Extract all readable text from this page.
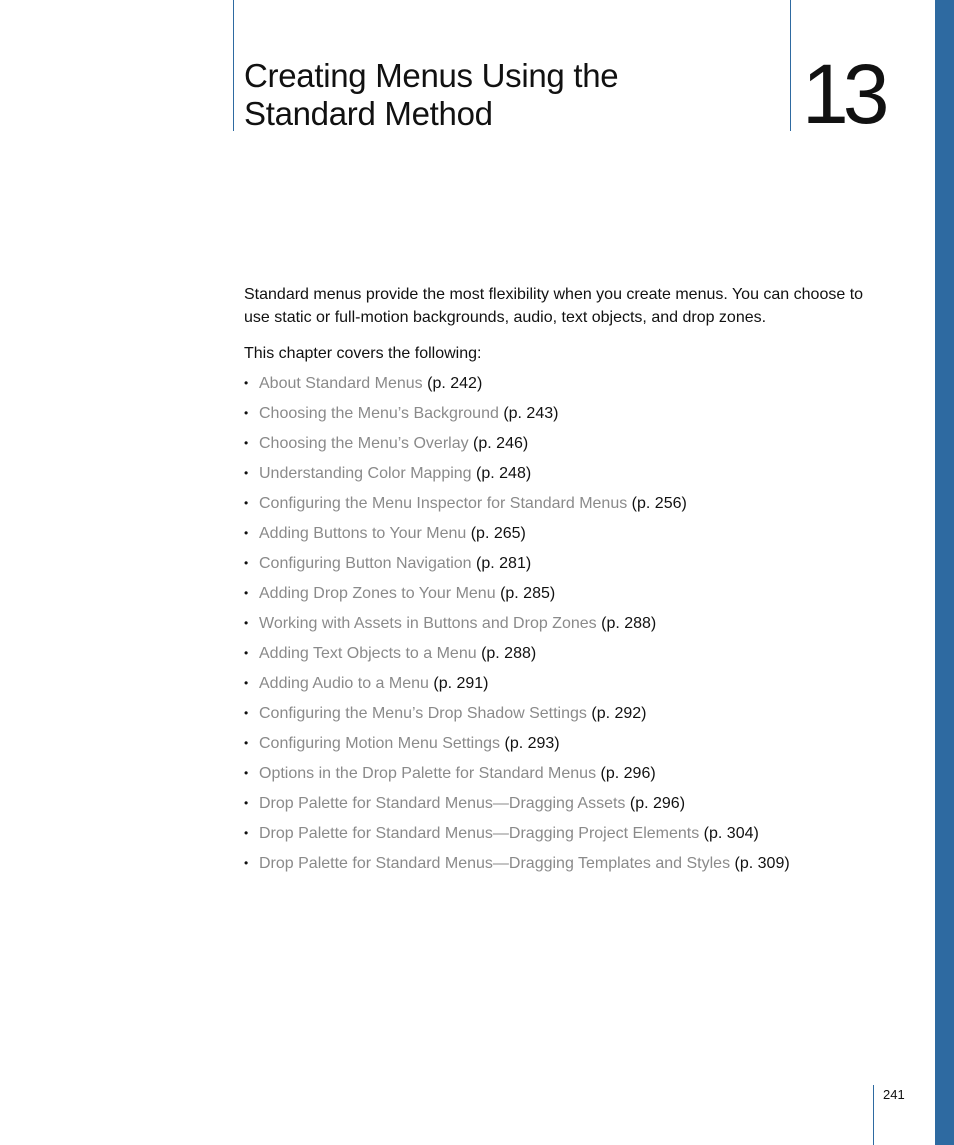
Creating Menus Using the
Standard Method	13

Standard menus provide the most flexibility when you create menus. You can choose to use static or full-motion backgrounds, audio, text objects, and drop zones.

This chapter covers the following:

• About Standard Menus (p. 242)
• Choosing the Menu’s Background (p. 243)
• Choosing the Menu’s Overlay (p. 246)
• Understanding Color Mapping (p. 248)
• Configuring the Menu Inspector for Standard Menus (p. 256)
• Adding Buttons to Your Menu (p. 265)
• Configuring Button Navigation (p. 281)
• Adding Drop Zones to Your Menu (p. 285)
• Working with Assets in Buttons and Drop Zones (p. 288)
• Adding Text Objects to a Menu (p. 288)
• Adding Audio to a Menu (p. 291)
• Configuring the Menu’s Drop Shadow Settings (p. 292)
• Configuring Motion Menu Settings (p. 293)
• Options in the Drop Palette for Standard Menus (p. 296)
• Drop Palette for Standard Menus—Dragging Assets (p. 296)
• Drop Palette for Standard Menus—Dragging Project Elements (p. 304)
• Drop Palette for Standard Menus—Dragging Templates and Styles (p. 309)
241
